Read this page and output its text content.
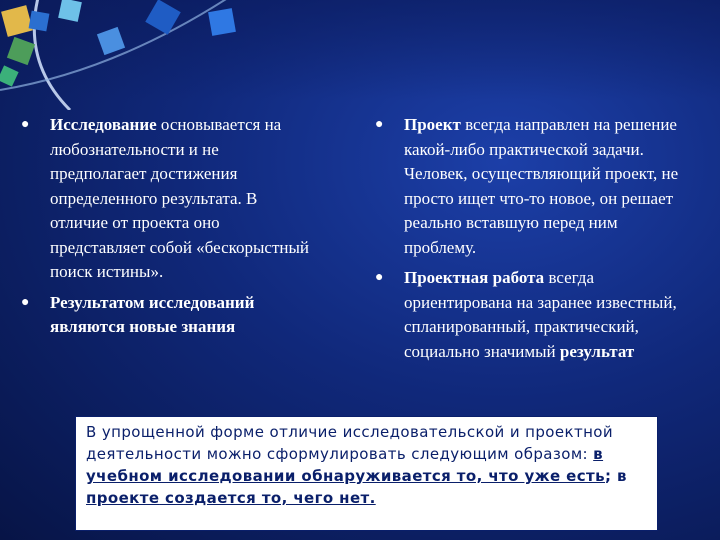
● Исследование основывается на любознательности и не предполагает достижения определенного результата. В отличие от проекта оно представляет собой «бескорыстный поиск истины».
● Результатом исследований являются новые знания
● Проект всегда направлен на решение какой-либо практической задачи. Человек, осуществляющий проект, не просто ищет что-то новое, он решает реально вставшую перед ним проблему.
● Проектная работа всегда ориентирована на заранее известный, спланированный, практический, социально значимый результат
В упрощенной форме отличие исследовательской и проектной деятельности можно сформулировать следующим образом: в учебном исследовании обнаруживается то, что уже есть; в проекте создается то, чего нет.
